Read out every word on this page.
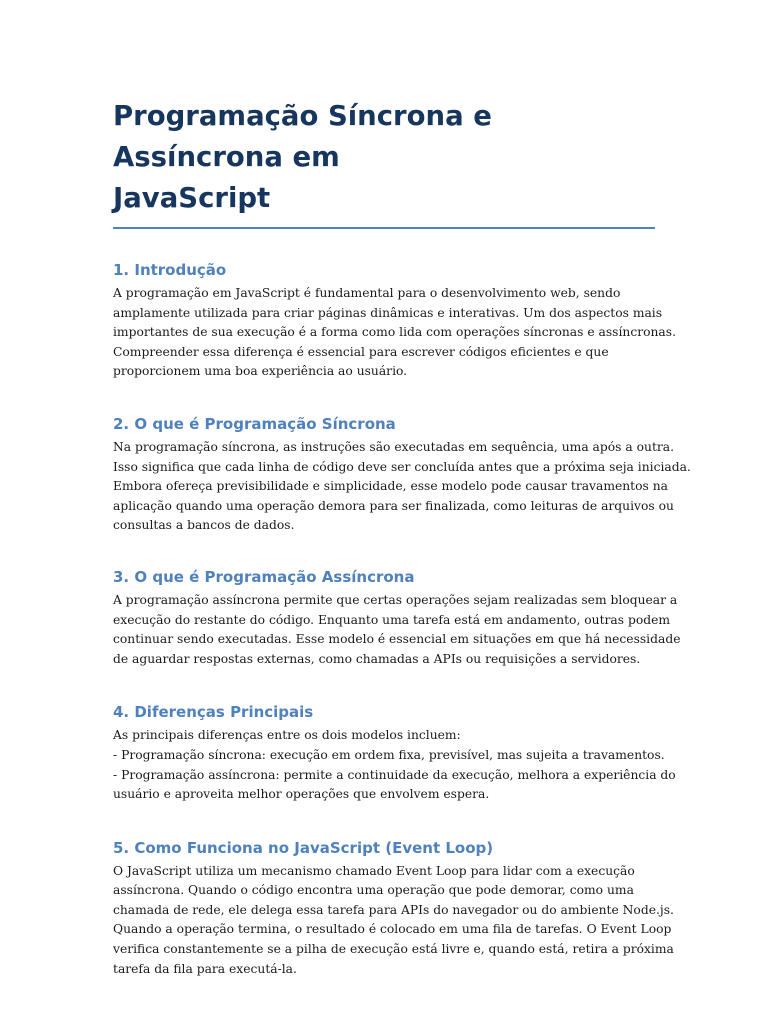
Programação Síncrona e Assíncrona em
JavaScript
1. Introdução

A programação em JavaScript é fundamental para o desenvolvimento web, sendo
amplamente utilizada para criar páginas dinâmicas e interativas. Um dos aspectos mais
importantes de sua execução é a forma como lida com operações síncronas e assíncronas.
Compreender essa diferença é essencial para escrever códigos eficientes e que
proporcionem uma boa experiência ao usuário.

2. O que é Programação Síncrona

Na programação síncrona, as instruções são executadas em sequência, uma após a outra.
Isso significa que cada linha de código deve ser concluída antes que a próxima seja iniciada.
Embora ofereça previsibilidade e simplicidade, esse modelo pode causar travamentos na
aplicação quando uma operação demora para ser finalizada, como leituras de arquivos ou
consultas a bancos de dados.

3. O que é Programação Assíncrona

A programação assíncrona permite que certas operações sejam realizadas sem bloquear a
execução do restante do código. Enquanto uma tarefa está em andamento, outras podem
continuar sendo executadas. Esse modelo é essencial em situações em que há necessidade
de aguardar respostas externas, como chamadas a APIs ou requisições a servidores.

4. Diferenças Principais

As principais diferenças entre os dois modelos incluem:
- Programação síncrona: execução em ordem fixa, previsível, mas sujeita a travamentos.
- Programação assíncrona: permite a continuidade da execução, melhora a experiência do
usuário e aproveita melhor operações que envolvem espera.

5. Como Funciona no JavaScript (Event Loop)

O JavaScript utiliza um mecanismo chamado Event Loop para lidar com a execução
assíncrona. Quando o código encontra uma operação que pode demorar, como uma
chamada de rede, ele delega essa tarefa para APIs do navegador ou do ambiente Node.js.
Quando a operação termina, o resultado é colocado em uma fila de tarefas. O Event Loop
verifica constantemente se a pilha de execução está livre e, quando está, retira a próxima
tarefa da fila para executá-la.
